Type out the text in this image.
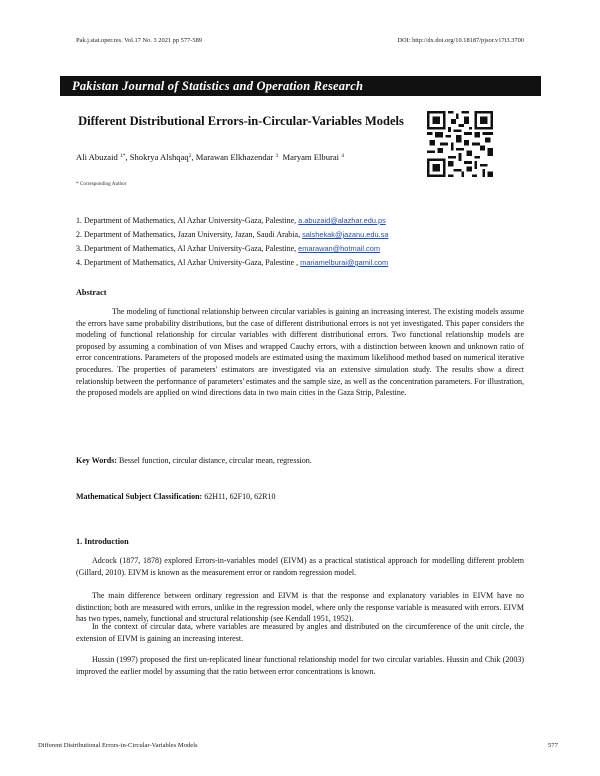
Pak.j.stat.oper.res. Vol.17 No. 3 2021 pp 577-589	DOI: http://dx.doi.org/10.18187/pjsor.v17i3.3700
Pakistan Journal of Statistics and Operation Research
Different Distributional Errors-in-Circular-Variables Models
Ali Abuzaid $^{1*}$, Shokrya Alshqaq$^2$, Marawan Elkhazendar $^3$ Maryam Elburai $^4$
* Corresponding Author
1. Department of Mathematics, Al Azhar University-Gaza, Palestine, a.abuzaid@alazhar.edu.ps
2. Department of Mathematics, Jazan University, Jazan, Saudi Arabia, salshekak@jazanu.edu.sa
3. Department of Mathematics, Al Azhar University-Gaza, Palestine, emarawan@hotmail.com
4. Department of Mathematics, Al Azhar University-Gaza, Palestine , mariamelburai@gamil.com
Abstract
The modeling of functional relationship between circular variables is gaining an increasing interest. The existing models assume the errors have same probability distributions, but the case of different distributional errors is not yet investigated. This paper considers the modeling of functional relationship for circular variables with different distributional errors. Two functional relationship models are proposed by assuming a combination of von Mises and wrapped Cauchy errors, with a distinction between known and unknown ratio of error concentrations. Parameters of the proposed models are estimated using the maximum likelihood method based on numerical iterative procedures. The properties of parameters' estimators are investigated via an extensive simulation study. The results show a direct relationship between the performance of parameters' estimates and the sample size, as well as the concentration parameters. For illustration, the proposed models are applied on wind directions data in two main cities in the Gaza Strip, Palestine.
Key Words: Bessel function, circular distance, circular mean, regression.
Mathematical Subject Classification: 62H11, 62F10, 62R10
1. Introduction
Adcock (1877, 1878) explored Errors-in-variables model (EIVM) as a practical statistical approach for modelling different problem (Gillard, 2010). EIVM is known as the measurement error or random regression model.
The main difference between ordinary regression and EIVM is that the response and explanatory variables in EIVM have no distinction; both are measured with errors, unlike in the regression model, where only the response variable is measured with errors. EIVM has two types, namely, functional and structural relationship (see Kendall 1951, 1952).
In the context of circular data, where variables are measured by angles and distributed on the circumference of the unit circle, the extension of EIVM is gaining an increasing interest.
Hussin (1997) proposed the first un-replicated linear functional relationship model for two circular variables. Hussin and Chik (2003) improved the earlier model by assuming that the ratio between error concentrations is known.
Different Distributional Errors-in-Circular-Variables Models	577
